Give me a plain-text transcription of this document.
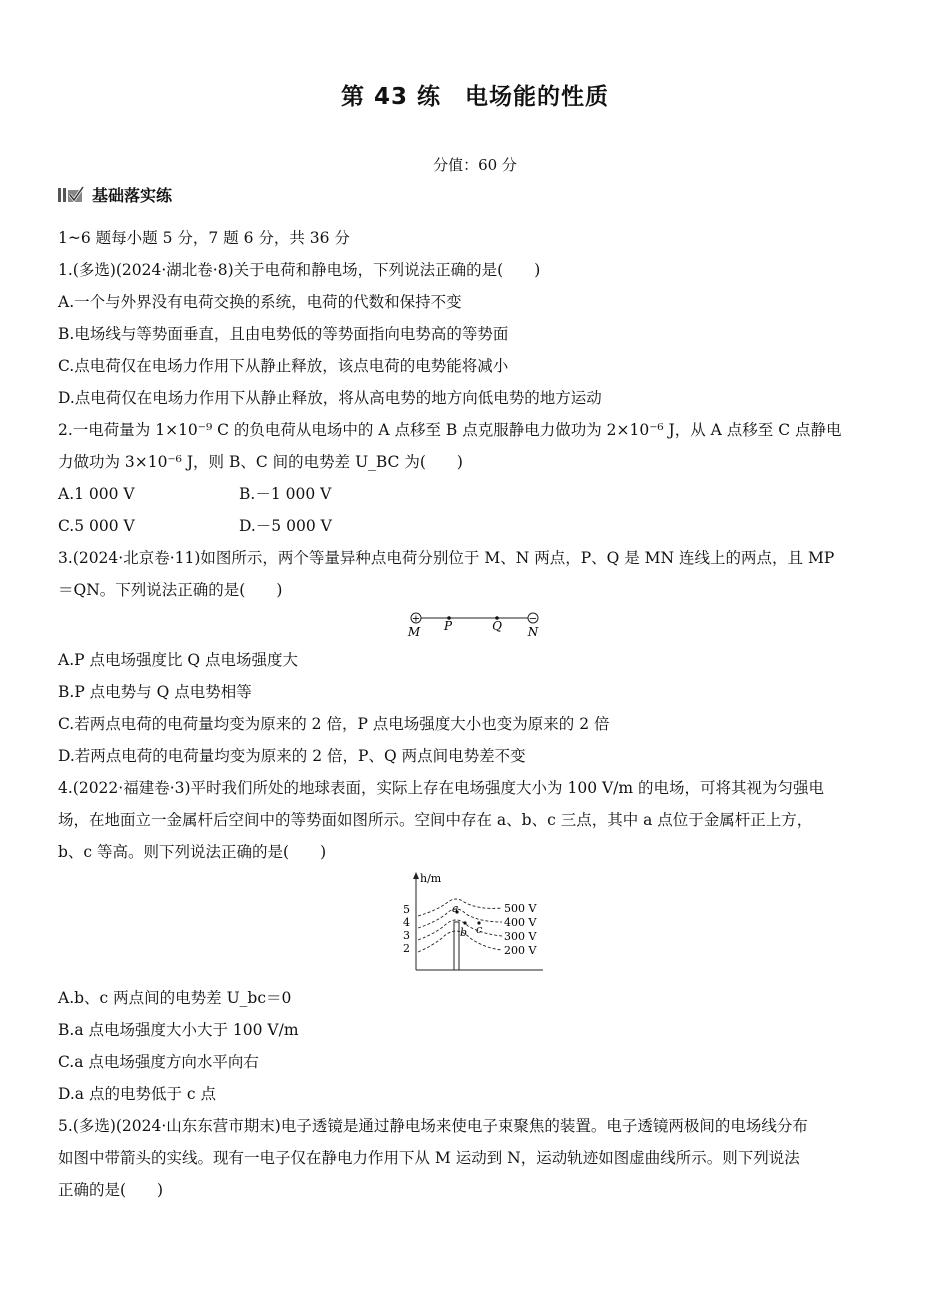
第 43 练　电场能的性质
分值：60 分
基础落实练
1~6 题每小题 5 分，7 题 6 分，共 36 分
1.(多选)(2024·湖北卷·8)关于电荷和静电场，下列说法正确的是(　　)
A.一个与外界没有电荷交换的系统，电荷的代数和保持不变
B.电场线与等势面垂直，且由电势低的等势面指向电势高的等势面
C.点电荷仅在电场力作用下从静止释放，该点电荷的电势能将减小
D.点电荷仅在电场力作用下从静止释放，将从高电势的地方向低电势的地方运动
2.一电荷量为 1×10⁻⁹ C 的负电荷从电场中的 A 点移至 B 点克服静电力做功为 2×10⁻⁶ J，从 A 点移至 C 点静电
力做功为 3×10⁻⁶ J，则 B、C 间的电势差 U_BC 为(　　)
A.1 000 V	B.－1 000 V
C.5 000 V	D.－5 000 V
3.(2024·北京卷·11)如图所示，两个等量异种点电荷分别位于 M、N 两点，P、Q 是 MN 连线上的两点，且 MP
＝QN。下列说法正确的是(　　)
+	−
M P	Q N
A.P 点电场强度比 Q 点电场强度大
B.P 点电势与 Q 点电势相等
C.若两点电荷的电荷量均变为原来的 2 倍，P 点电场强度大小也变为原来的 2 倍
D.若两点电荷的电荷量均变为原来的 2 倍，P、Q 两点间电势差不变
4.(2022·福建卷·3)平时我们所处的地球表面，实际上存在电场强度大小为 100 V/m 的电场，可将其视为匀强电
场，在地面立一金属杆后空间中的等势面如图所示。空间中存在 a、b、c 三点，其中 a 点位于金属杆正上方，
b、c 等高。则下列说法正确的是(　　)
h/m
5
4
3
2
a
b c
500 V
400 V
300 V
200 V
A.b、c 两点间的电势差 U_bc＝0
B.a 点电场强度大小大于 100 V/m
C.a 点电场强度方向水平向右
D.a 点的电势低于 c 点
5.(多选)(2024·山东东营市期末)电子透镜是通过静电场来使电子束聚焦的装置。电子透镜两极间的电场线分布
如图中带箭头的实线。现有一电子仅在静电力作用下从 M 运动到 N，运动轨迹如图虚曲线所示。则下列说法
正确的是(　　)
